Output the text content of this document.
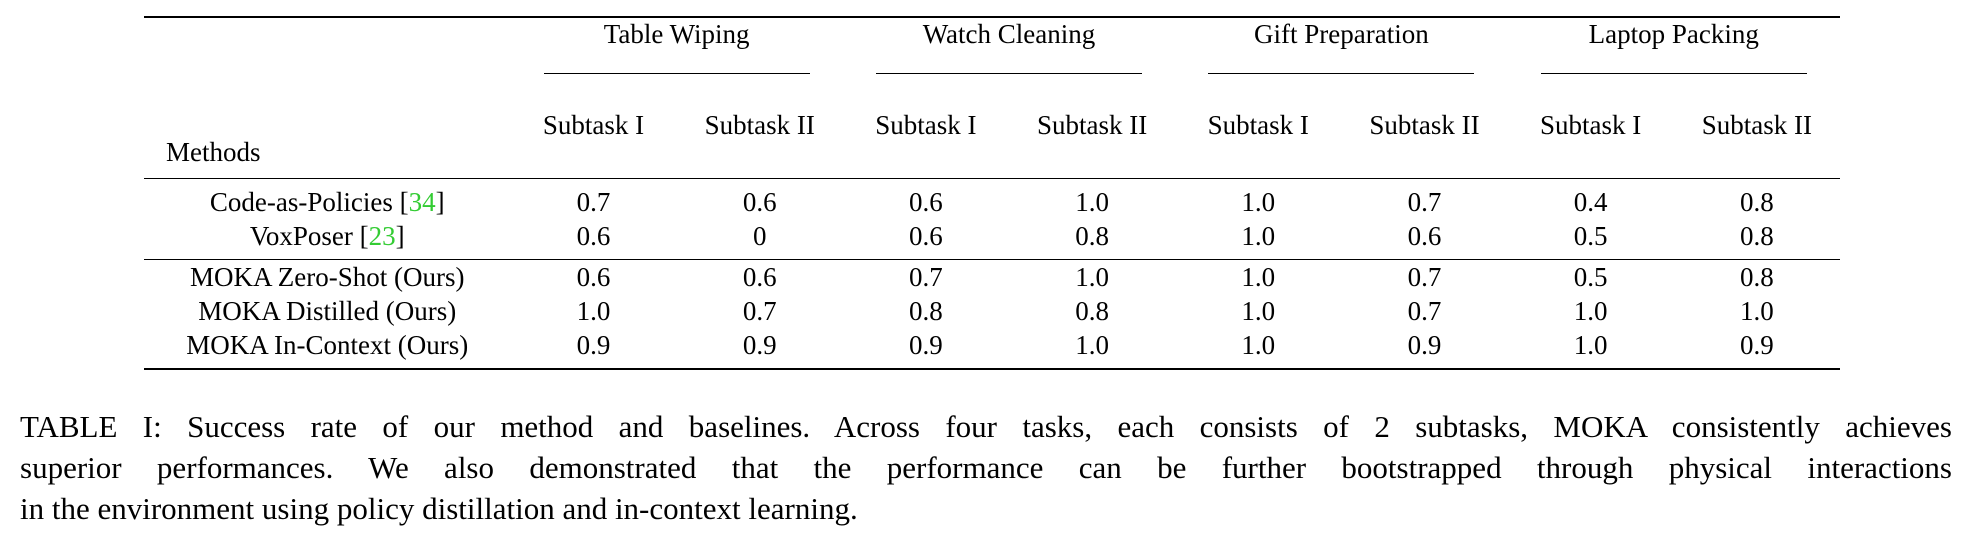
	Table Wiping		Watch Cleaning		Gift Preparation		Laptop Packing	

Methods	Subtask I	Subtask II	Subtask I	Subtask II	Subtask I	Subtask II	Subtask I	Subtask II
Code-as-Policies [34]	0.7	0.6	0.6	1.0	1.0	0.7	0.4	0.8
VoxPoser [23]	0.6	0	0.6	0.8	1.0	0.6	0.5	0.8
MOKA Zero-Shot (Ours)	0.6	0.6	0.7	1.0	1.0	0.7	0.5	0.8
MOKA Distilled (Ours)	1.0	0.7	0.8	0.8	1.0	0.7	1.0	1.0
MOKA In-Context (Ours)	0.9	0.9	0.9	1.0	1.0	0.9	1.0	0.9
TABLE I: Success rate of our method and baselines. Across four tasks, each consists of 2 subtasks, MOKA consistently achieves
superior performances. We also demonstrated that the performance can be further bootstrapped through physical interactions
in the environment using policy distillation and in-context learning.
